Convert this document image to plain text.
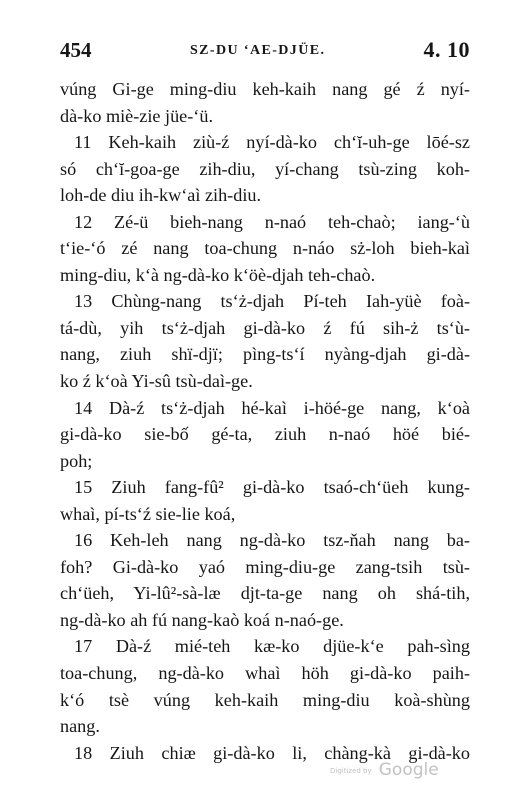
454	SZ-DU ‘AE-DJÜE.	4. 10
vúng Gi-ge ming-diu keh-kaih nang gé ź nyí-
dà-ko miè-zie jüe-‘ü.
11 Keh-kaih ziù-ź nyí-dà-ko ch‘ĭ-uh-ge lōé-sz
só ch‘ĭ-goa-ge zih-diu, yí-chang tsù-zing koh-
loh-de diu ih-kw‘aì zih-diu.
12 Zé-ü bieh-nang n-naó teh-chaò; iang-‘ù
t‘ie-‘ó zé nang toa-chung n-náo sż-loh bieh-kaì
ming-diu, k‘à ng-dà-ko k‘öè-djah teh-chaò.
13 Chùng-nang ts‘ż-djah Pí-teh Iah-yüè foà-
tá-dù, yih ts‘ż-djah gi-dà-ko ź fú sih-ż ts‘ù-
nang, ziuh shï-djï; pìng-ts‘í nyàng-djah gi-dà-
ko ź k‘oà Yi-sû tsù-daì-ge.
14 Dà-ź ts‘ż-djah hé-kaì i-höé-ge nang, k‘oà
gi-dà-ko sie-bố gé-ta, ziuh n-naó höé bié-
poh;
15 Ziuh fang-fû² gi-dà-ko tsaó-ch‘üeh kung-
whaì, pí-ts‘ź sie-lie koá,
16 Keh-leh nang ng-dà-ko tsz-ňah nang ba-
foh? Gi-dà-ko yaó ming-diu-ge zang-tsih tsù-
ch‘üeh, Yi-lû²-sà-læ djt-ta-ge nang oh shá-tih,
ng-dà-ko ah fú nang-kaò koá n-naó-ge.
17 Dà-ź mié-teh kæ-ko djüe-k‘e pah-sìng
toa-chung, ng-dà-ko whaì höh gi-dà-ko paih-
k‘ó tsè vúng keh-kaih ming-diu koà-shùng
nang.
18 Ziuh chiæ gi-dà-ko li, chàng-kà gi-dà-ko
Digitized by Google
